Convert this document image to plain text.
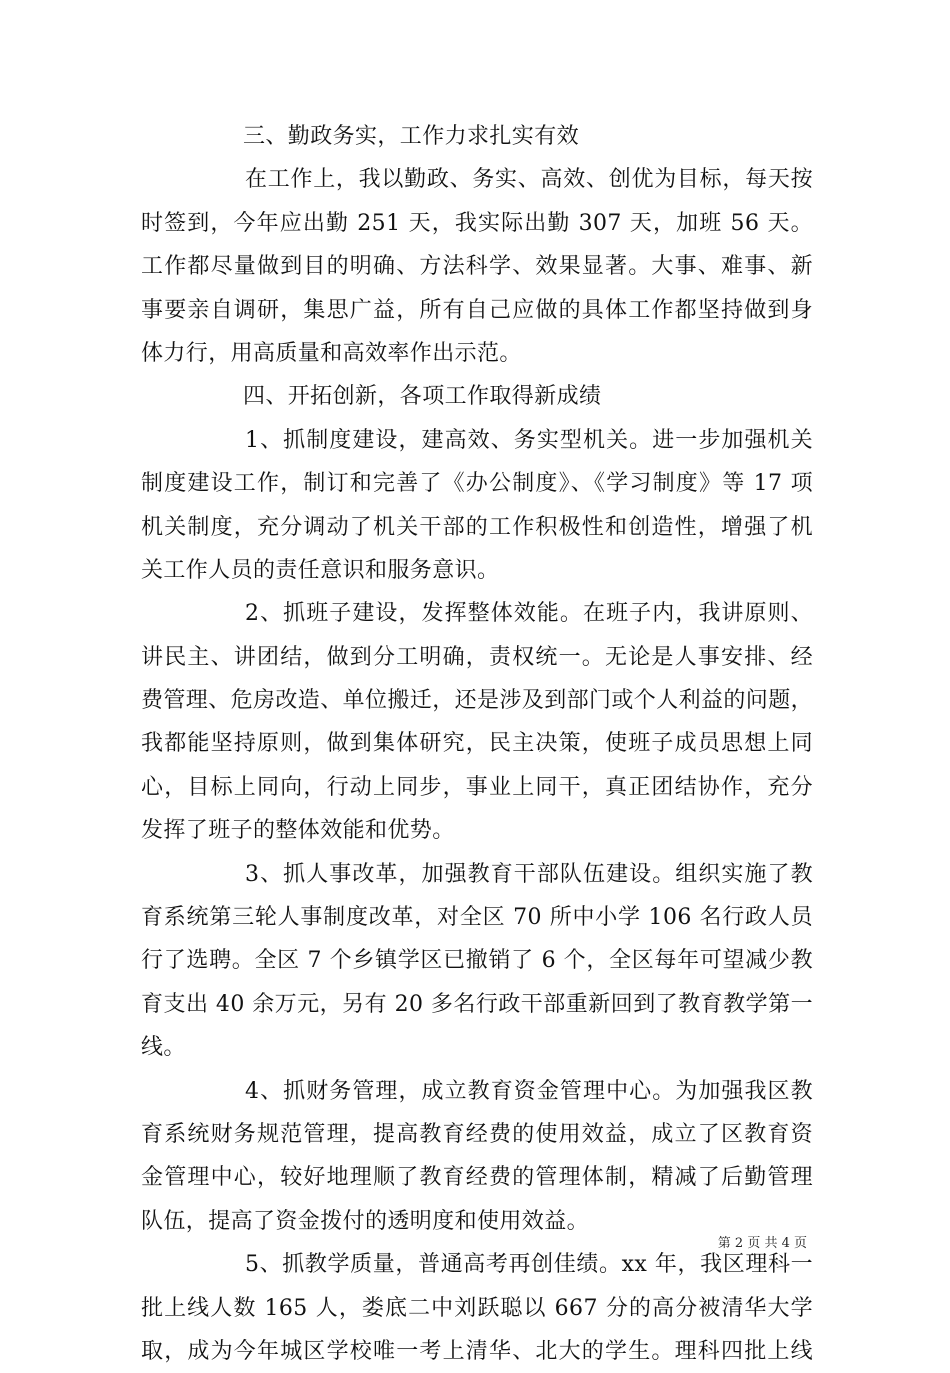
三、勤政务实，工作力求扎实有效
在工作上，我以勤政、务实、高效、创优为目标，每天按
时签到，今年应出勤 251 天，我实际出勤 307 天，加班 56 天。
工作都尽量做到目的明确、方法科学、效果显著。大事、难事、新
事要亲自调研，集思广益，所有自己应做的具体工作都坚持做到身
体力行，用高质量和高效率作出示范。
四、开拓创新，各项工作取得新成绩
1、抓制度建设，建高效、务实型机关。进一步加强机关
制度建设工作，制订和完善了《办公制度》、《学习制度》等 17 项
机关制度，充分调动了机关干部的工作积极性和创造性，增强了机
关工作人员的责任意识和服务意识。
2、抓班子建设，发挥整体效能。在班子内，我讲原则、
讲民主、讲团结，做到分工明确，责权统一。无论是人事安排、经
费管理、危房改造、单位搬迁，还是涉及到部门或个人利益的问题，
我都能坚持原则，做到集体研究，民主决策，使班子成员思想上同
心，目标上同向，行动上同步，事业上同干，真正团结协作，充分
发挥了班子的整体效能和优势。
3、抓人事改革，加强教育干部队伍建设。组织实施了教
育系统第三轮人事制度改革，对全区 70 所中小学 106 名行政人员
行了选聘。全区 7 个乡镇学区已撤销了 6 个，全区每年可望减少教
育支出 40 余万元，另有 20 多名行政干部重新回到了教育教学第一
线。
4、抓财务管理，成立教育资金管理中心。为加强我区教
育系统财务规范管理，提高教育经费的使用效益，成立了区教育资
金管理中心，较好地理顺了教育经费的管理体制，精减了后勤管理
队伍，提高了资金拨付的透明度和使用效益。
5、抓教学质量，普通高考再创佳绩。xx 年，我区理科一
批上线人数 165 人，娄底二中刘跃聪以 667 分的高分被清华大学
取，成为今年城区学校唯一考上清华、北大的学生。理科四批上线
第 2 页 共 4 页
